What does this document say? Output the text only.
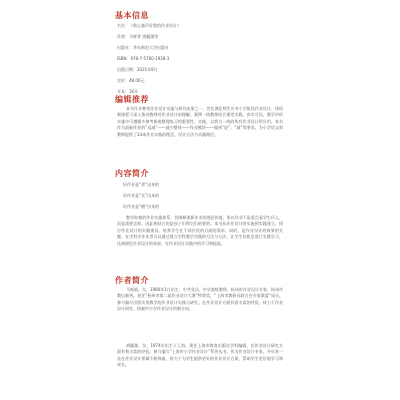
基本信息
书名：《我心童声伴我的作业设计》
作者：马辉等 别颖湖等
出版社：华东师范大学出版社
ISBN：978-7-5760-1928-3
出版日期：2021年8月
定价：48.00元
开本：16开
编辑推荐

本书作业种类作业设计实施与研究成果之一，旨在满足师生应对小学阶段作业设计，体现新课程下深入推动教师对作业设计的理解。案例一线教师结合课堂实践，真实可信。教学评价实施中可遵循多参考指南整理练习的重要性，实践、自我与一线的所有作业设计所应用。本书作为最新作业的“双减”——减少整体——作业模块——做到“轻”、“减”等要求。为小学语文和教师提供了14本作业实践的理念、设计方法与实践路径。

内容简介
好作业是“养”出来的
好作业是“长”出来的
好作业是“磨”出来的

教学时刻的作业实施体系，其阐释重新作业的理论价值，所以作业不是重点看学生什么，而是需要怎样，因此相结合的是孩子们和它们的要的。本书从作业设计的实施到实践建立，探讨作业设计的实践建设。培养学生在不同层次的方面的需求。同时，是作业设计的效果的关键，在学科学作业者可以通过建立学科教学实践的方法与方法，让学生有机会进行实践学习，达到理论作业设计的效果，在作业设计实践中的学习和提高。

作者简介

马辉娟，女，1980年1月出生，中共党员，中学高级教师，杭州市作业设计专家，杭州市教坛新秀。担任“杭州市第二届作业设计大赛”特等奖，“上海市教研员联合会专家联盟”成员。参与编写出版实用教学的作业设计实践与研究。在作业设计方面有着丰富的经验，致力于作业设计研究，探索中小学作业设计的新方向。

胡颖湖，女，1974年出生于上海，现任上海市教育出版社学科编辑，在作业设计研究方面有着丰富的经验。参与编写“上海市小学作业设计”系列丛书。作为作业设计专家，多年来一直在作业设计领域不断探索，致力于为学生提供更好的作业设计方案，帮助学生更好地学习和成长。
